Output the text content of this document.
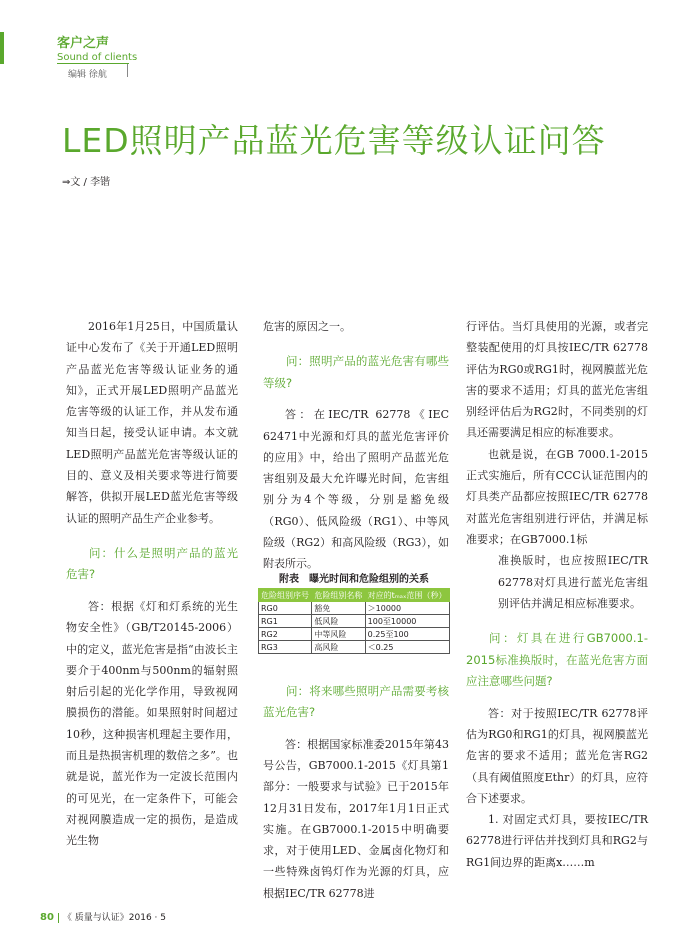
客户之声
Sound of clients
编辑 徐航
LED照明产品蓝光危害等级认证问答
⇒文 / 李锴

2016年1月25日，中国质量认证中心发布了《关于开通LED照明产品蓝光危害等级认证业务的通知》，正式开展LED照明产品蓝光危害等级的认证工作，并从发布通知当日起，接受认证申请。本文就LED照明产品蓝光危害等级认证的目的、意义及相关要求等进行简要解答，供拟开展LED蓝光危害等级认证的照明产品生产企业参考。

问：什么是照明产品的蓝光危害?

答：根据《灯和灯系统的光生物安全性》（GB/T20145-2006）中的定义，蓝光危害是指“由波长主要介于400nm与500nm的辐射照射后引起的光化学作用，导致视网膜损伤的潜能。如果照射时间超过10秒，这种损害机理起主要作用，而且是热损害机理的数倍之多”。也就是说，蓝光作为一定波长范围内的可见光，在一定条件下，可能会对视网膜造成一定的损伤，是造成光生物

危害的原因之一。

问：照明产品的蓝光危害有哪些等级?

答：在IEC/TR 62778《IEC 62471中光源和灯具的蓝光危害评价的应用》中，给出了照明产品蓝光危害组别及最大允许曝光时间，危害组别分为4个等级，分别是豁免级（RG0）、低风险级（RG1）、中等风险级（RG2）和高风险级（RG3），如附表所示。

问：将来哪些照明产品需要考核蓝光危害?

答：根据国家标准委2015年第43号公告，GB7000.1-2015《灯具第1部分：一般要求与试验》已于2015年12月31日发布，2017年1月1日正式实施。在GB7000.1-2015中明确要求，对于使用LED、金属卤化物灯和一些特殊卤钨灯作为光源的灯具，应根据IEC/TR 62778进

附表　曝光时间和危险组别的关系
危险组别序号	危险组别名称	对应的tₘₐₓ范围（秒）
RG0	豁免	＞10000
RG1	低风险	100至10000
RG2	中等风险	0.25至100
RG3	高风险	＜0.25

行评估。当灯具使用的光源，或者完整装配使用的灯具按IEC/TR 62778评估为RG0或RG1时，视网膜蓝光危害的要求不适用；灯具的蓝光危害组别经评估后为RG2时，不同类别的灯具还需要满足相应的标准要求。

也就是说，在GB 7000.1-2015正式实施后，所有CCC认证范围内的灯具类产品都应按照IEC/TR 62778对蓝光危害组别进行评估，并满足标准要求；在GB7000.1标

准换版时，也应按照IEC/TR 62778对灯具进行蓝光危害组别评估并满足相应标准要求。

问：灯具在进行GB7000.1-2015标准换版时，在蓝光危害方面应注意哪些问题?

答：对于按照IEC/TR 62778评估为RG0和RG1的灯具，视网膜蓝光危害的要求不适用；蓝光危害RG2（具有阈值照度Ethr）的灯具，应符合下述要求。

1. 对固定式灯具，要按IEC/TR 62778进行评估并找到灯具和RG2与RG1间边界的距离x……m

80 《 质量与认证》2016 · 5
